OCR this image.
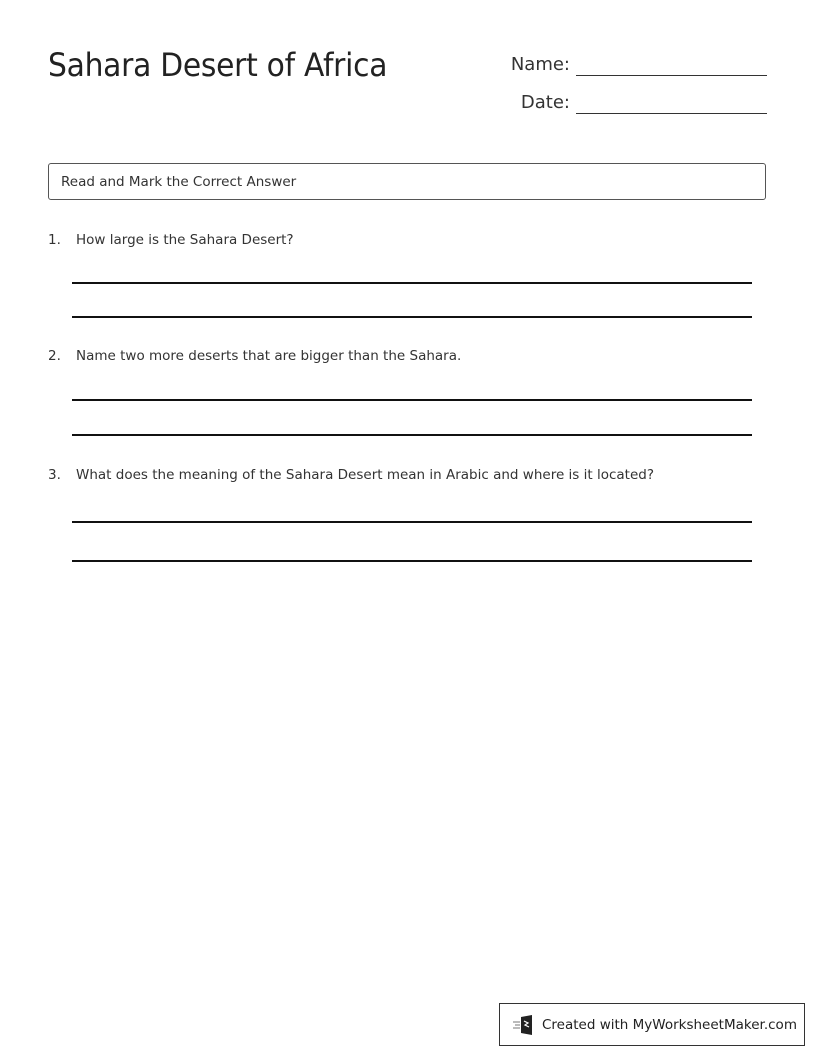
Sahara Desert of Africa	Name:
Date:
Read and Mark the Correct Answer
1.	How large is the Sahara Desert?
2.	Name two more deserts that are bigger than the Sahara.
3.	What does the meaning of the Sahara Desert mean in Arabic and where is it located?
Created with MyWorksheetMaker.com
